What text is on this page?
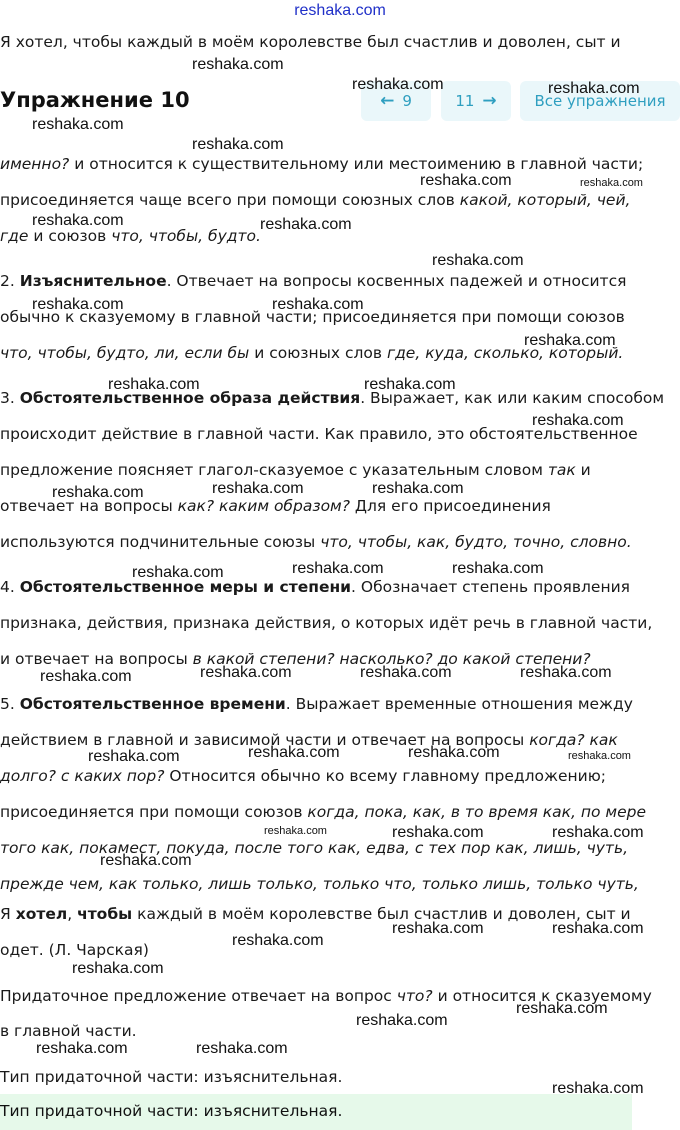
reshaka.com
Я хотел, чтобы каждый в моём королевстве был счастлив и доволен, сыт и
Упражнение 10	← 9	11 →	Все упражнения
именно? и относится к существительному или местоимению в главной части;
присоединяется чаще всего при помощи союзных слов какой, который, чей,
где и союзов что, чтобы, будто.
2. Изъяснительное. Отвечает на вопросы косвенных падежей и относится
обычно к сказуемому в главной части; присоединяется при помощи союзов
что, чтобы, будто, ли, если бы и союзных слов где, куда, сколько, который.
3. Обстоятельственное образа действия. Выражает, как или каким способом
происходит действие в главной части. Как правило, это обстоятельственное
предложение поясняет глагол-сказуемое с указательным словом так и
отвечает на вопросы как? каким образом? Для его присоединения
используются подчинительные союзы что, чтобы, как, будто, точно, словно.
4. Обстоятельственное меры и степени. Обозначает степень проявления
признака, действия, признака действия, о которых идёт речь в главной части,
и отвечает на вопросы в какой степени? насколько? до какой степени?
5. Обстоятельственное времени. Выражает временные отношения между
действием в главной и зависимой части и отвечает на вопросы когда? как
долго? с каких пор? Относится обычно ко всему главному предложению;
присоединяется при помощи союзов когда, пока, как, в то время как, по мере
того как, покамест, покуда, после того как, едва, с тех пор как, лишь, чуть,
прежде чем, как только, лишь только, только что, только лишь, только чуть,
Я хотел, чтобы каждый в моём королевстве был счастлив и доволен, сыт и
одет. (Л. Чарская)
Придаточное предложение отвечает на вопрос что? и относится к сказуемому
в главной части.
Тип придаточной части: изъяснительная.
Тип придаточной части: изъяснительная.
reshaka.com
reshaka.com	reshaka.com
reshaka.com
reshaka.com
reshaka.com	reshaka.com
reshaka.com	reshaka.com
reshaka.com
reshaka.com	reshaka.com
reshaka.com
reshaka.com	reshaka.com
reshaka.com
reshaka.com	reshaka.com	reshaka.com
reshaka.com	reshaka.com	reshaka.com
reshaka.com	reshaka.com	reshaka.com	reshaka.com
reshaka.com	reshaka.com	reshaka.com	reshaka.com
reshaka.com	reshaka.com	reshaka.com
reshaka.com
reshaka.com	reshaka.com
reshaka.com
reshaka.com
reshaka.com
reshaka.com
reshaka.com	reshaka.com
reshaka.com
